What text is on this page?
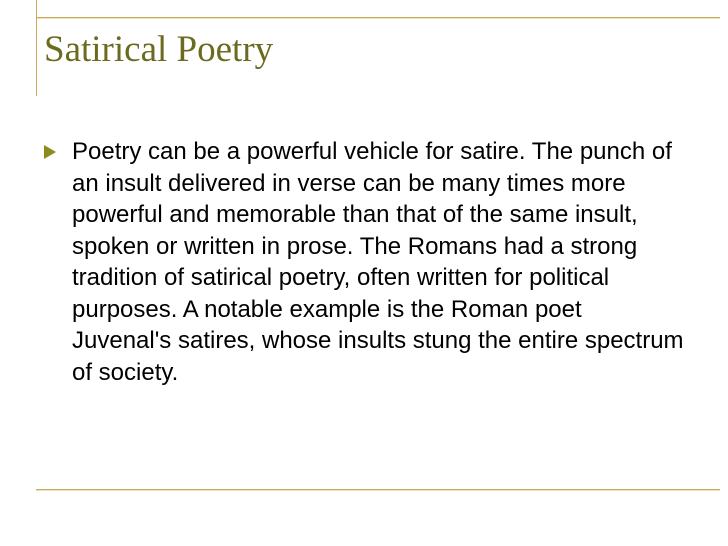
Satirical Poetry

Poetry can be a powerful vehicle for satire. The punch of an insult delivered in verse can be many times more powerful and memorable than that of the same insult, spoken or written in prose. The Romans had a strong tradition of satirical poetry, often written for political purposes. A notable example is the Roman poet Juvenal's satires, whose insults stung the entire spectrum of society.
